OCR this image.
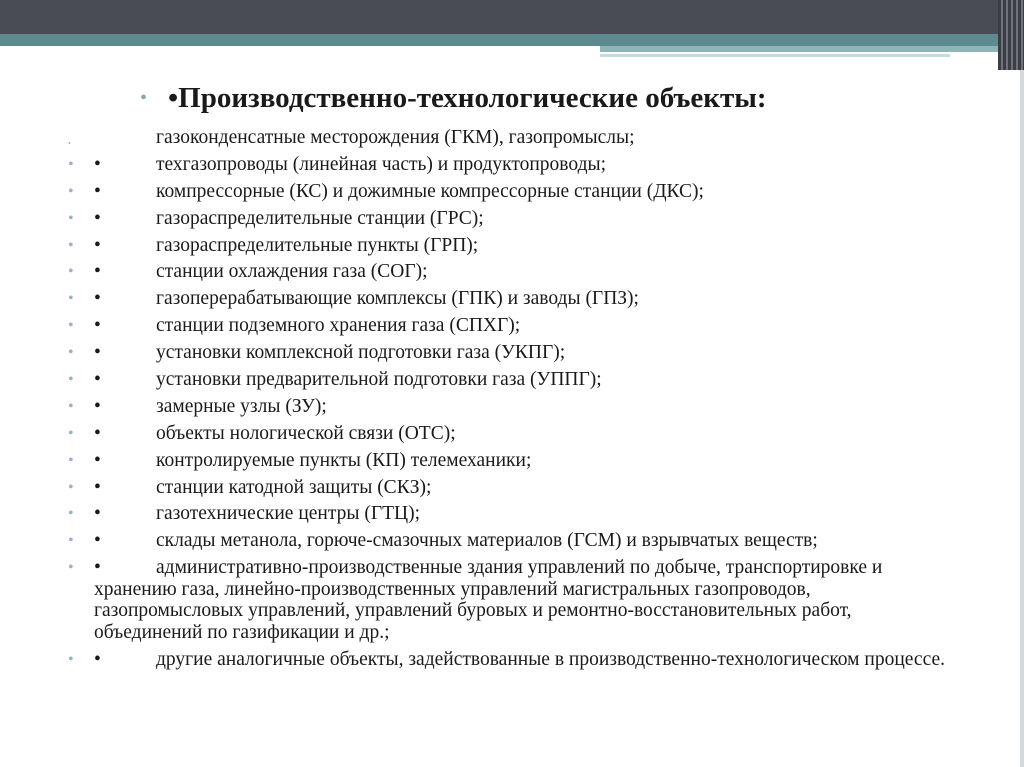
• •Производственно-технологические объекты:
•	газоконденсатные месторождения (ГКМ), газопромыслы;
• •	техгазопроводы (линейная часть) и продуктопроводы;
• •	компрессорные (КС) и дожимные компрессорные станции (ДКС);
• •	газораспределительные станции (ГРС);
• •	газораспределительные пункты (ГРП);
• •	станции охлаждения газа (СОГ);
• •	газоперерабатывающие комплексы (ГПК) и заводы (ГПЗ);
• •	станции подземного хранения газа (СПХГ);
• •	установки комплексной подготовки газа (УКПГ);
• •	установки предварительной подготовки газа (УППГ);
• •	замерные узлы (ЗУ);
• •	объекты нологической связи (ОТС);
• •	контролируемые пункты (КП) телемеханики;
• •	станции катодной защиты (СКЗ);
• •	газотехнические центры (ГТЦ);
• •	склады метанола, горюче-смазочных материалов (ГСМ) и взрывчатых веществ;
• •	административно-производственные здания управлений по добыче, транспортировке и хранению газа, линейно-производственных управлений магистральных газопроводов, газопромысловых управлений, управлений буровых и ремонтно-восстановительных работ, объединений по газификации и др.;
• •	другие аналогичные объекты, задействованные в производственно-технологическом процессе.
